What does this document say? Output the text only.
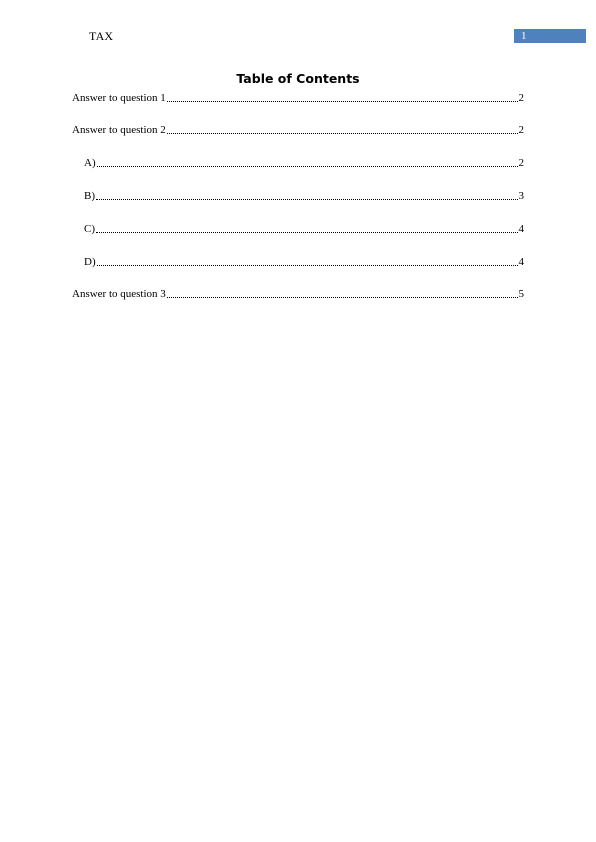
TAX	1
Table of Contents
Answer to question 1	2
Answer to question 2	2
A)	2
B)	3
C)	4
D)	4
Answer to question 3	5
